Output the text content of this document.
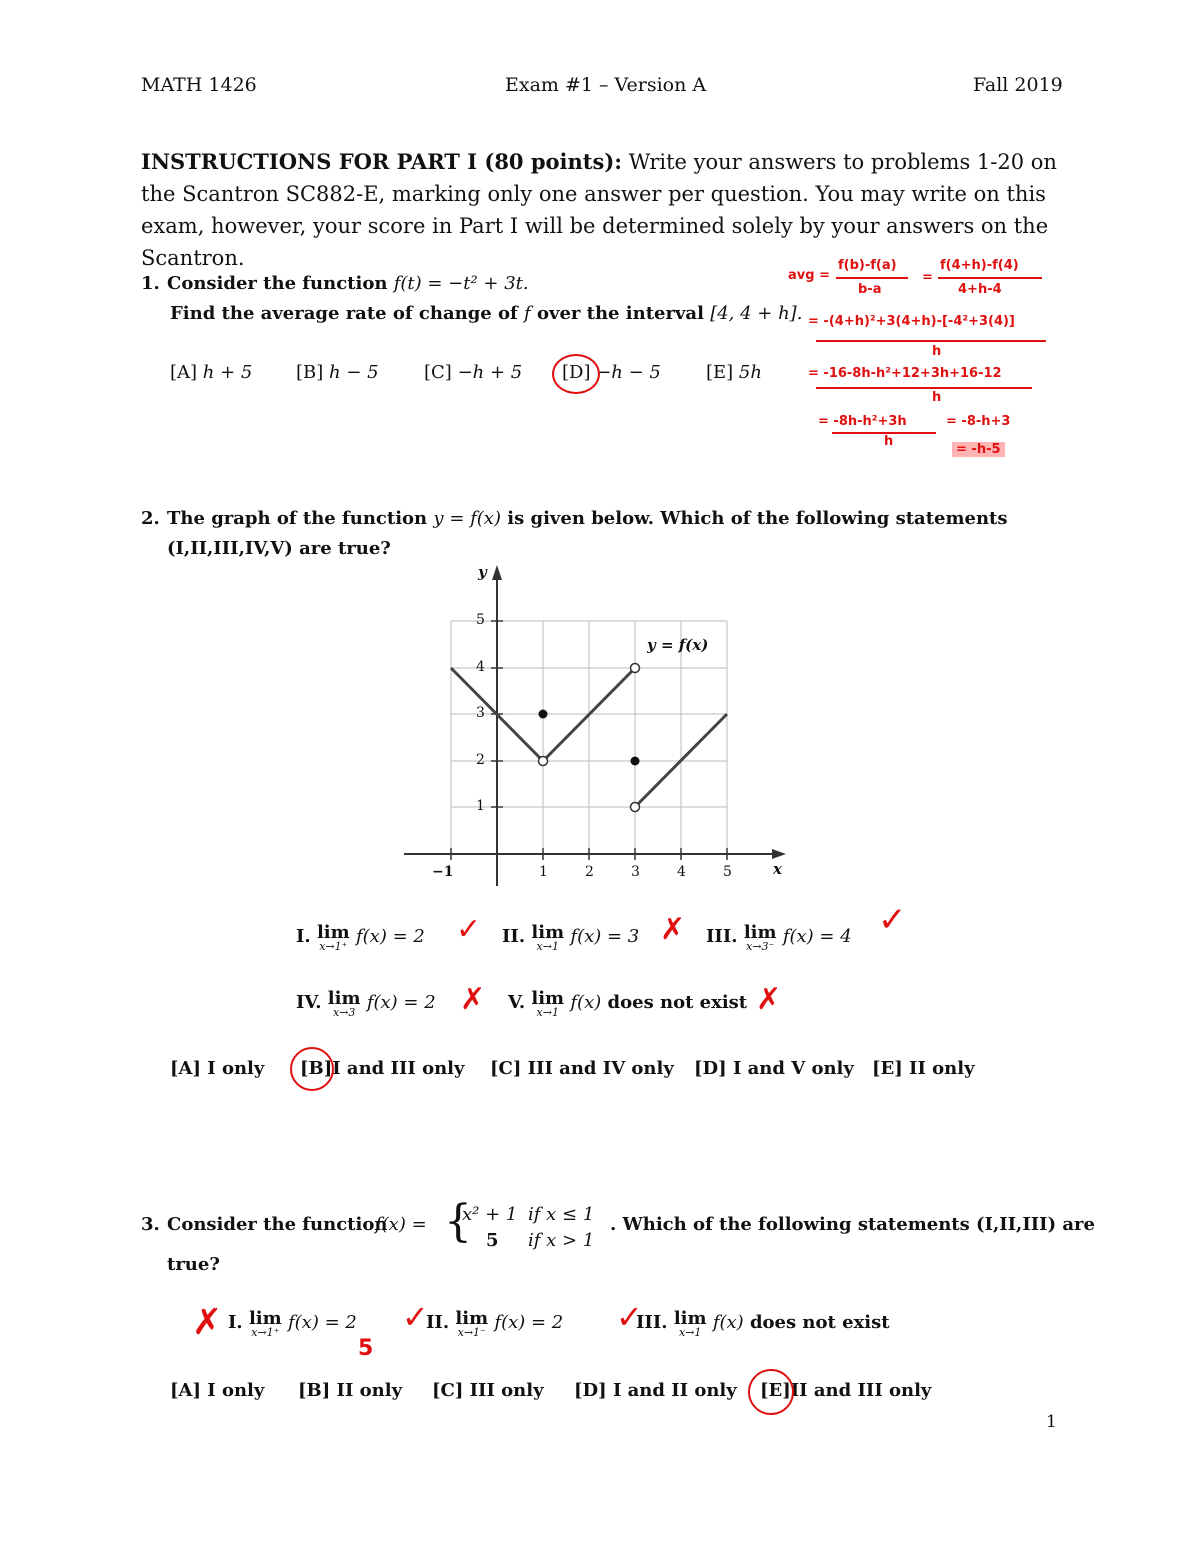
MATH 1426	Exam #1 – Version A	Fall 2019
INSTRUCTIONS FOR PART I (80 points): Write your answers to problems 1-20 on the Scantron SC882-E, marking only one answer per question. You may write on this exam, however, your score in Part I will be determined solely by your answers on the Scantron.
1. Consider the function f(t) = −t² + 3t.
Find the average rate of change of f over the interval [4, 4 + h].
[A] h + 5 [B] h − 5	[C] −h + 5 [D] −h − 5	[E] 5h
avg =
f(b)-f(a)
b-a
=
f(4+h)-f(4)
4+h-4
= -(4+h)²+3(4+h)-[-4²+3(4)]
h
= -16-8h-h²+12+3h+16-12
h
= -8h-h²+3h
h
= -8-h+3
= -h-5
2. The graph of the function y = f(x) is given below. Which of the following statements
(I,II,III,IV,V) are true?
y = f(x)
y
x
−1	1	2	3	4	5
1
2
3
4
5
I. lim
x→1⁺ f(x) = 2 ✓ II. lim
x→1 f(x) = 3 ✗ III. lim
x→3⁻ f(x) = 4 ✓
IV. lim
x→3 f(x) = 2 ✗ V. lim
x→1 f(x) does not exist ✗
[A] I only [B]I and III only [C] III and IV only [D] I and V only [E] II only
3. Consider the function
f(x) = {
x² + 1 if x ≤ 1
5 if x > 1
. Which of the following statements (I,II,III) are
true?
✗ I. lim
x→1⁺ f(x) = 2
5
✓
II. lim
x→1⁻ f(x) = 2 ✓
III. lim
x→1 f(x) does not exist
[A] I only [B] II only [C] III only [D] I and II only [E]II and III only
1
